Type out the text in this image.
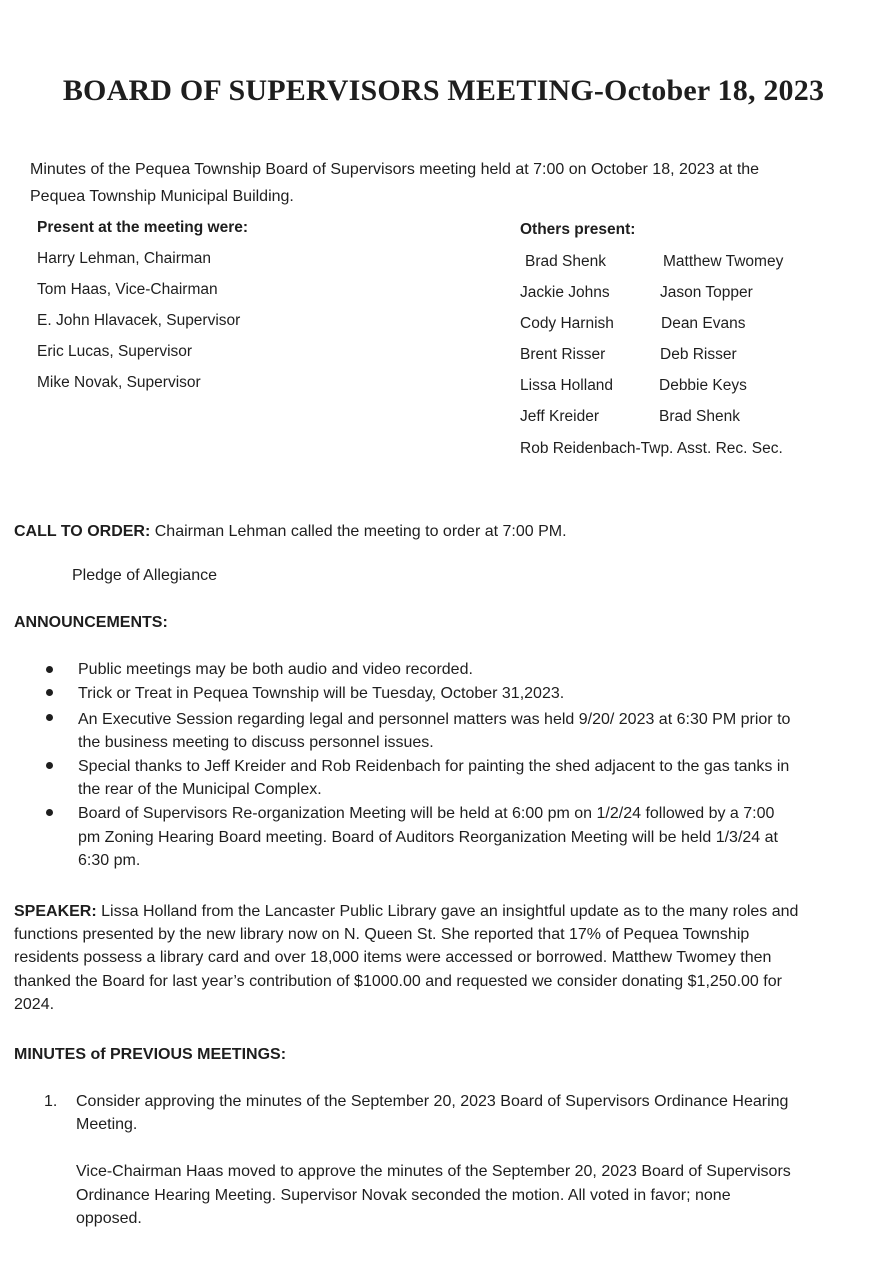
BOARD OF SUPERVISORS MEETING-October 18, 2023
Minutes of the Pequea Township Board of Supervisors meeting held at 7:00 on October 18, 2023 at the
Pequea Township Municipal Building.
Present at the meeting were:
Harry Lehman, Chairman
Tom Haas, Vice-Chairman
E. John Hlavacek, Supervisor
Eric Lucas, Supervisor
Mike Novak, Supervisor
Others present:
Brad Shenk
Jackie Johns
Cody Harnish
Brent Risser
Lissa Holland
Jeff Kreider
Matthew Twomey
Jason Topper
Dean Evans
Deb Risser
Debbie Keys
Brad Shenk
Rob Reidenbach-Twp. Asst. Rec. Sec.
CALL TO ORDER: Chairman Lehman called the meeting to order at 7:00 PM.
Pledge of Allegiance
ANNOUNCEMENTS:
Public meetings may be both audio and video recorded.
Trick or Treat in Pequea Township will be Tuesday, October 31,2023.
An Executive Session regarding legal and personnel matters was held 9/20/ 2023 at 6:30 PM prior to
the business meeting to discuss personnel issues.
Special thanks to Jeff Kreider and Rob Reidenbach for painting the shed adjacent to the gas tanks in
the rear of the Municipal Complex.
Board of Supervisors Re-organization Meeting will be held at 6:00 pm on 1/2/24 followed by a 7:00
pm Zoning Hearing Board meeting. Board of Auditors Reorganization Meeting will be held 1/3/24 at
6:30 pm.
SPEAKER: Lissa Holland from the Lancaster Public Library gave an insightful update as to the many roles and
functions presented by the new library now on N. Queen St. She reported that 17% of Pequea Township
residents possess a library card and over 18,000 items were accessed or borrowed. Matthew Twomey then
thanked the Board for last year’s contribution of $1000.00 and requested we consider donating $1,250.00 for
2024.
MINUTES of PREVIOUS MEETINGS:
1. Consider approving the minutes of the September 20, 2023 Board of Supervisors Ordinance Hearing
Meeting.
Vice-Chairman Haas moved to approve the minutes of the September 20, 2023 Board of Supervisors
Ordinance Hearing Meeting. Supervisor Novak seconded the motion. All voted in favor; none
opposed.
